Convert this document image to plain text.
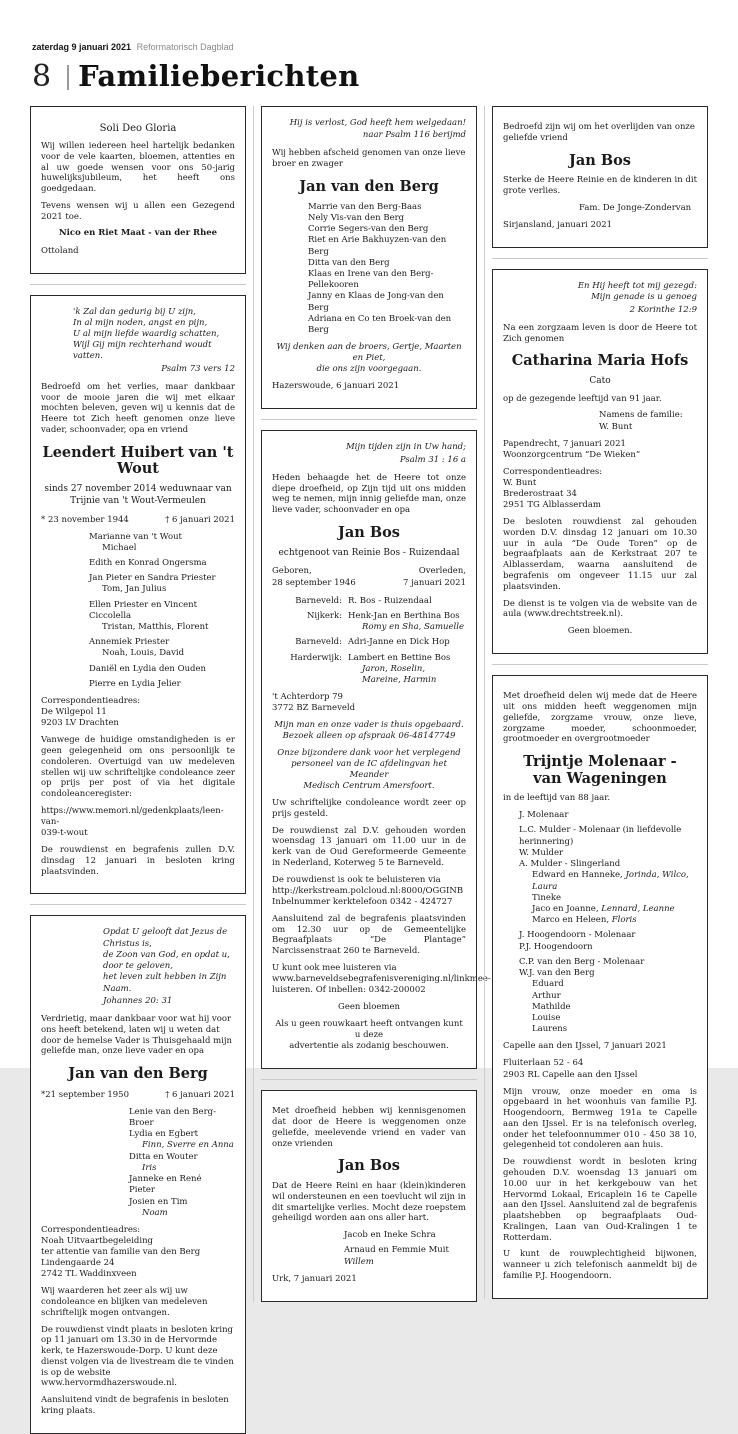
zaterdag 9 januari 2021 Reformatorisch Dagblad
8 Familieberichten
Soli Deo Gloria
Wij willen iedereen heel hartelijk bedanken voor de vele kaarten, bloemen, attenties en al uw goede wensen voor ons 50-jarig huwelijksjubileum, het heeft ons goedgedaan.
Tevens wensen wij u allen een Gezegend 2021 toe.
Nico en Riet Maat - van der Rhee
Ottoland
'k Zal dan gedurig bij U zijn,
In al mijn noden, angst en pijn,
U al mijn liefde waardig schatten,
Wijl Gij mijn rechterhand woudt vatten.
Psalm 73 vers 12
Bedroefd om het verlies, maar dankbaar voor de mooie jaren die wij met elkaar mochten beleven, geven wij u kennis dat de Heere tot Zich heeft genomen onze lieve vader, schoonvader, opa en vriend
Leendert Huibert van 't Wout
sinds 27 november 2014 weduwnaar van
Trijnie van 't Wout-Vermeulen
* 23 november 1944	† 6 januari 2021
Marianne van 't Wout
Michael
Edith en Konrad Ongersma
Jan Pieter en Sandra Priester
Tom, Jan Julius
Ellen Priester en Vincent Ciccolella
Tristan, Matthis, Florent
Annemiek Priester
Noah, Louis, David
Daniël en Lydia den Ouden
Pierre en Lydia Jelier
Correspondentieadres:
De Wilgepol 11
9203 LV Drachten
Vanwege de huidige omstandigheden is er geen gelegenheid om ons persoonlijk te condoleren. Overtuigd van uw medeleven stellen wij uw schriftelijke condoleance zeer op prijs per post of via het digitale condoleanceregister:
https://www.memori.nl/gedenkplaats/leen-van-
039-t-wout
De rouwdienst en begrafenis zullen D.V. dinsdag 12 januari in besloten kring plaatsvinden.
Opdat U gelooft dat Jezus de Christus is,
de Zoon van God, en opdat u, door te geloven,
het leven zult hebben in Zijn Naam.
Johannes 20: 31
Verdrietig, maar dankbaar voor wat hij voor ons heeft betekend, laten wij u weten dat door de hemelse Vader is Thuisgehaald mijn geliefde man, onze lieve vader en opa
Jan van den Berg
*21 september 1950	† 6 januari 2021
Lenie van den Berg-Broer
Lydia en Egbert
Finn, Sverre en Anna
Ditta en Wouter
Iris
Janneke en René
Pieter
Josien en Tim
Noam
Correspondentieadres:
Noah Uitvaartbegeleiding
ter attentie van familie van den Berg
Lindengaarde 24
2742 TL Waddinxveen
Wij waarderen het zeer als wij uw condoleance en blijken van medeleven schriftelijk mogen ontvangen.
De rouwdienst vindt plaats in besloten kring op 11 januari om 13.30 in de Hervormde kerk, te Hazerswoude-Dorp. U kunt deze dienst volgen via de livestream die te vinden is op de website www.hervormdhazerswoude.nl.
Aansluitend vindt de begrafenis in besloten kring plaats.
Hij is verlost, God heeft hem welgedaan!
naar Psalm 116 berijmd
Wij hebben afscheid genomen van onze lieve broer en zwager
Jan van den Berg
Marrie van den Berg-Baas
Nely Vis-van den Berg
Corrie Segers-van den Berg
Riet en Arie Bakhuyzen-van den Berg
Ditta van den Berg
Klaas en Irene van den Berg-Pellekooren
Janny en Klaas de Jong-van den Berg
Adriana en Co ten Broek-van den Berg
Wij denken aan de broers, Gertje, Maarten en Piet,
die ons zijn voorgegaan.
Hazerswoude, 6 januari 2021
Mijn tijden zijn in Uw hand;
Psalm 31 : 16 a
Heden behaagde het de Heere tot onze diepe droefheid, op Zijn tijd uit ons midden weg te nemen, mijn innig geliefde man, onze lieve vader, schoonvader en opa
Jan Bos
echtgenoot van Reinie Bos - Ruizendaal
Geboren,
28 september 1946
Overleden,
7 januari 2021
Barneveld: R. Bos - Ruizendaal
Nijkerk: Henk-Jan en Berthina Bos
Romy en Sha, Samuelle
Barneveld: Adri-Janne en Dick Hop
Harderwijk: Lambert en Bettine Bos
Jaron, Roselin, Mareine, Harmin
't Achterdorp 79
3772 BZ Barneveld
Mijn man en onze vader is thuis opgebaard.
Bezoek alleen op afspraak 06-48147749
Onze bijzondere dank voor het verplegend
personeel van de IC afdelingvan het Meander
Medisch Centrum Amersfoort.
Uw schriftelijke condoleance wordt zeer op prijs gesteld.
De rouwdienst zal D.V. gehouden worden woensdag 13 januari om 11.00 uur in de kerk van de Oud Gereformeerde Gemeente in Nederland, Koterweg 5 te Barneveld.
De rouwdienst is ook te beluisteren via
http://kerkstream.polcloud.nl:8000/OGGINB
Inbelnummer kerktelefoon 0342 - 424727
Aansluitend zal de begrafenis plaatsvinden om 12.30 uur op de Gemeentelijke Begraafplaats “De Plantage” Narcissenstraat 260 te Barneveld.
U kunt ook mee luisteren via
www.barneveldsebegrafenisvereniging.nl/linkmee-
luisteren. Of inbellen: 0342-200002
Geen bloemen
Als u geen rouwkaart heeft ontvangen kunt u deze
advertentie als zodanig beschouwen.
Met droefheid hebben wij kennisgenomen dat door de Heere is weggenomen onze geliefde, meelevende vriend en vader van onze vrienden
Jan Bos
Dat de Heere Reini en haar (klein)kinderen wil ondersteunen en een toevlucht wil zijn in dit smartelijke verlies. Mocht deze roepstem geheiligd worden aan ons aller hart.
Jacob en Ineke Schra
Arnaud en Femmie Muit
Willem
Urk, 7 januari 2021
Bedroefd zijn wij om het overlijden van onze geliefde vriend
Jan Bos
Sterke de Heere Reinie en de kinderen in dit grote verlies.
Fam. De Jonge-Zondervan
Sirjansland, januari 2021
En Hij heeft tot mij gezegd:
Mijn genade is u genoeg
2 Korinthe 12:9
Na een zorgzaam leven is door de Heere tot Zich genomen
Catharina Maria Hofs
Cato
op de gezegende leeftijd van 91 jaar.
Namens de familie:
W. Bunt
Papendrecht, 7 januari 2021
Woonzorgcentrum “De Wieken”
Correspondentieadres:
W. Bunt
Brederostraat 34
2951 TG Alblasserdam
De besloten rouwdienst zal gehouden worden D.V. dinsdag 12 januari om 10.30 uur in aula “De Oude Toren” op de begraafplaats aan de Kerkstraat 207 te Alblasserdam, waarna aansluitend de begrafenis om ongeveer 11.15 uur zal plaatsvinden.
De dienst is te volgen via de website van de aula (www.drechtstreek.nl).
Geen bloemen.
Met droefheid delen wij mede dat de Heere uit ons midden heeft weggenomen mijn geliefde, zorgzame vrouw, onze lieve, zorgzame moeder, schoonmoeder, grootmoeder en overgrootmoeder
Trijntje Molenaar -
van Wageningen
in de leeftijd van 88 jaar.
J. Molenaar
L.C. Mulder - Molenaar (in liefdevolle herinnering)
W. Mulder
A. Mulder - Slingerland
Edward en Hanneke, Jorinda, Wilco, Laura
Tineke
Jaco en Joanne, Lennard, Leanne
Marco en Heleen, Floris
J. Hoogendoorn - Molenaar
P.J. Hoogendoorn
C.P. van den Berg - Molenaar
W.J. van den Berg
Eduard
Arthur
Mathilde
Louise
Laurens
Capelle aan den IJssel, 7 januari 2021
Fluiterlaan 52 - 64
2903 RL Capelle aan den IJssel
Mijn vrouw, onze moeder en oma is opgebaard in het woonhuis van familie P.J. Hoogendoorn, Bermweg 191a te Capelle aan den IJssel. Er is na telefonisch overleg, onder het telefoonnummer 010 - 450 38 10, gelegenheid tot condoleren aan huis.
De rouwdienst wordt in besloten kring gehouden D.V. woensdag 13 januari om 10.00 uur in het kerkgebouw van het Hervormd Lokaal, Ericaplein 16 te Capelle aan den IJssel. Aansluitend zal de begrafenis plaatshebben op begraafplaats Oud-Kralingen, Laan van Oud-Kralingen 1 te Rotterdam.
U kunt de rouwplechtigheid bijwonen, wanneer u zich telefonisch aanmeldt bij de familie P.J. Hoogendoorn.
